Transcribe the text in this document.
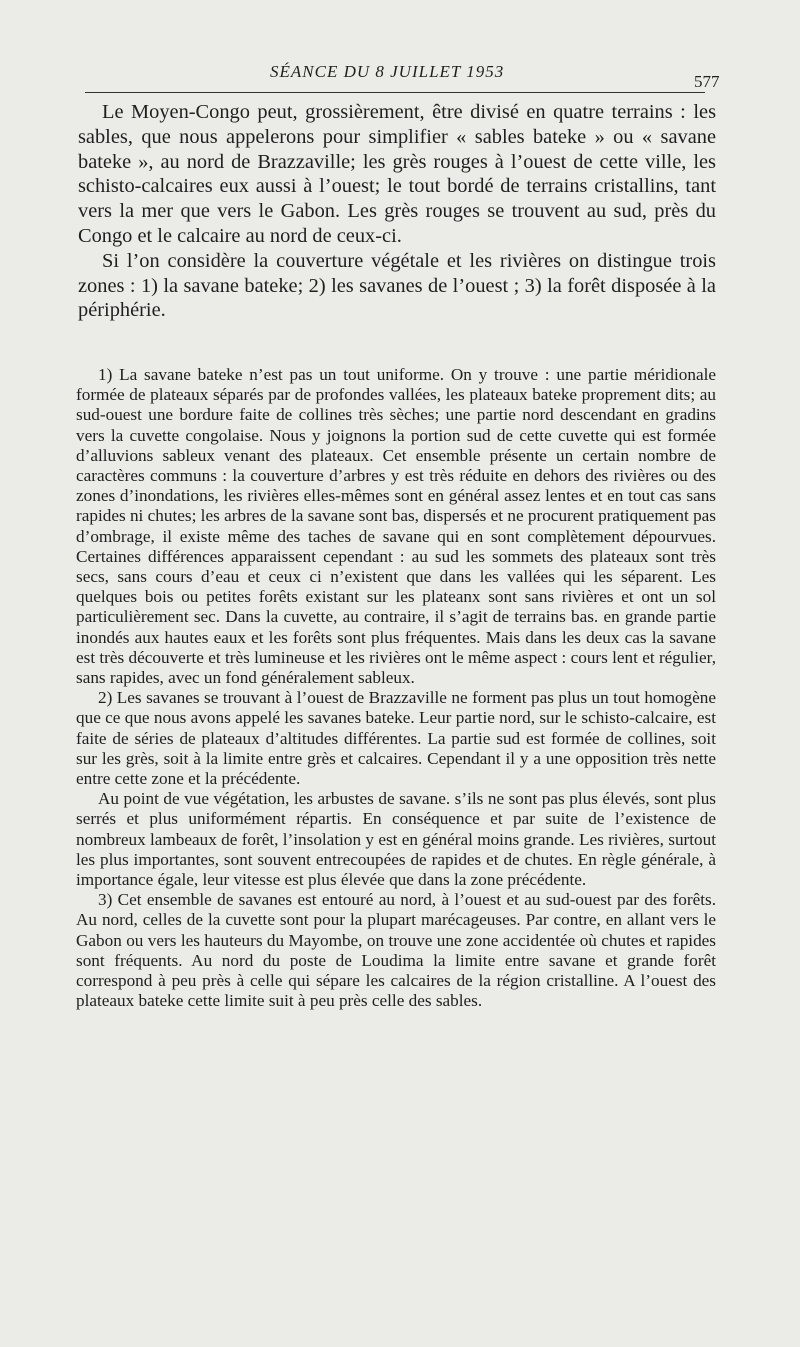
SÉANCE DU 8 JUILLET 1953
577

Le Moyen-Congo peut, grossièrement, être divisé en quatre terrains : les sables, que nous appelerons pour simplifier « sables bateke » ou « savane bateke », au nord de Brazzaville; les grès rouges à l’ouest de cette ville, les schisto-calcaires eux aussi à l’ouest; le tout bordé de terrains cristallins, tant vers la mer que vers le Gabon. Les grès rouges se trouvent au sud, près du Congo et le calcaire au nord de ceux-ci.

Si l’on considère la couverture végétale et les rivières on distingue trois zones : 1) la savane bateke; 2) les savanes de l’ouest ; 3) la forêt disposée à la périphérie.

1) La savane bateke n’est pas un tout uniforme. On y trouve : une partie méridionale formée de plateaux séparés par de profondes vallées, les plateaux bateke proprement dits; au sud-ouest une bordure faite de collines très sèches; une partie nord descendant en gradins vers la cuvette congolaise. Nous y joignons la portion sud de cette cuvette qui est formée d’alluvions sableux venant des plateaux. Cet ensemble présente un certain nombre de caractères communs : la couverture d’arbres y est très réduite en dehors des rivières ou des zones d’inondations, les rivières elles-mêmes sont en général assez lentes et en tout cas sans rapides ni chutes; les arbres de la savane sont bas, dispersés et ne procurent pratiquement pas d’ombrage, il existe même des taches de savane qui en sont complètement dépourvues. Certaines différences apparaissent cependant : au sud les sommets des plateaux sont très secs, sans cours d’eau et ceux ci n’existent que dans les vallées qui les séparent. Les quelques bois ou petites forêts existant sur les plateanx sont sans rivières et ont un sol particulièrement sec. Dans la cuvette, au contraire, il s’agit de terrains bas. en grande partie inondés aux hautes eaux et les forêts sont plus fréquentes. Mais dans les deux cas la savane est très découverte et très lumineuse et les rivières ont le même aspect : cours lent et régulier, sans rapides, avec un fond généralement sableux.

2) Les savanes se trouvant à l’ouest de Brazzaville ne forment pas plus un tout homogène que ce que nous avons appelé les savanes bateke. Leur partie nord, sur le schisto-calcaire, est faite de séries de plateaux d’altitudes différentes. La partie sud est formée de collines, soit sur les grès, soit à la limite entre grès et calcaires. Cependant il y a une opposition très nette entre cette zone et la précédente.

Au point de vue végétation, les arbustes de savane. s’ils ne sont pas plus élevés, sont plus serrés et plus uniformément répartis. En conséquence et par suite de l’existence de nombreux lambeaux de forêt, l’insolation y est en général moins grande. Les rivières, surtout les plus importantes, sont souvent entrecoupées de rapides et de chutes. En règle générale, à importance égale, leur vitesse est plus élevée que dans la zone précédente.

3) Cet ensemble de savanes est entouré au nord, à l’ouest et au sud-ouest par des forêts. Au nord, celles de la cuvette sont pour la plupart marécageuses. Par contre, en allant vers le Gabon ou vers les hauteurs du Mayombe, on trouve une zone accidentée où chutes et rapides sont fréquents. Au nord du poste de Loudima la limite entre savane et grande forêt correspond à peu près à celle qui sépare les calcaires de la région cristalline. A l’ouest des plateaux bateke cette limite suit à peu près celle des sables.
